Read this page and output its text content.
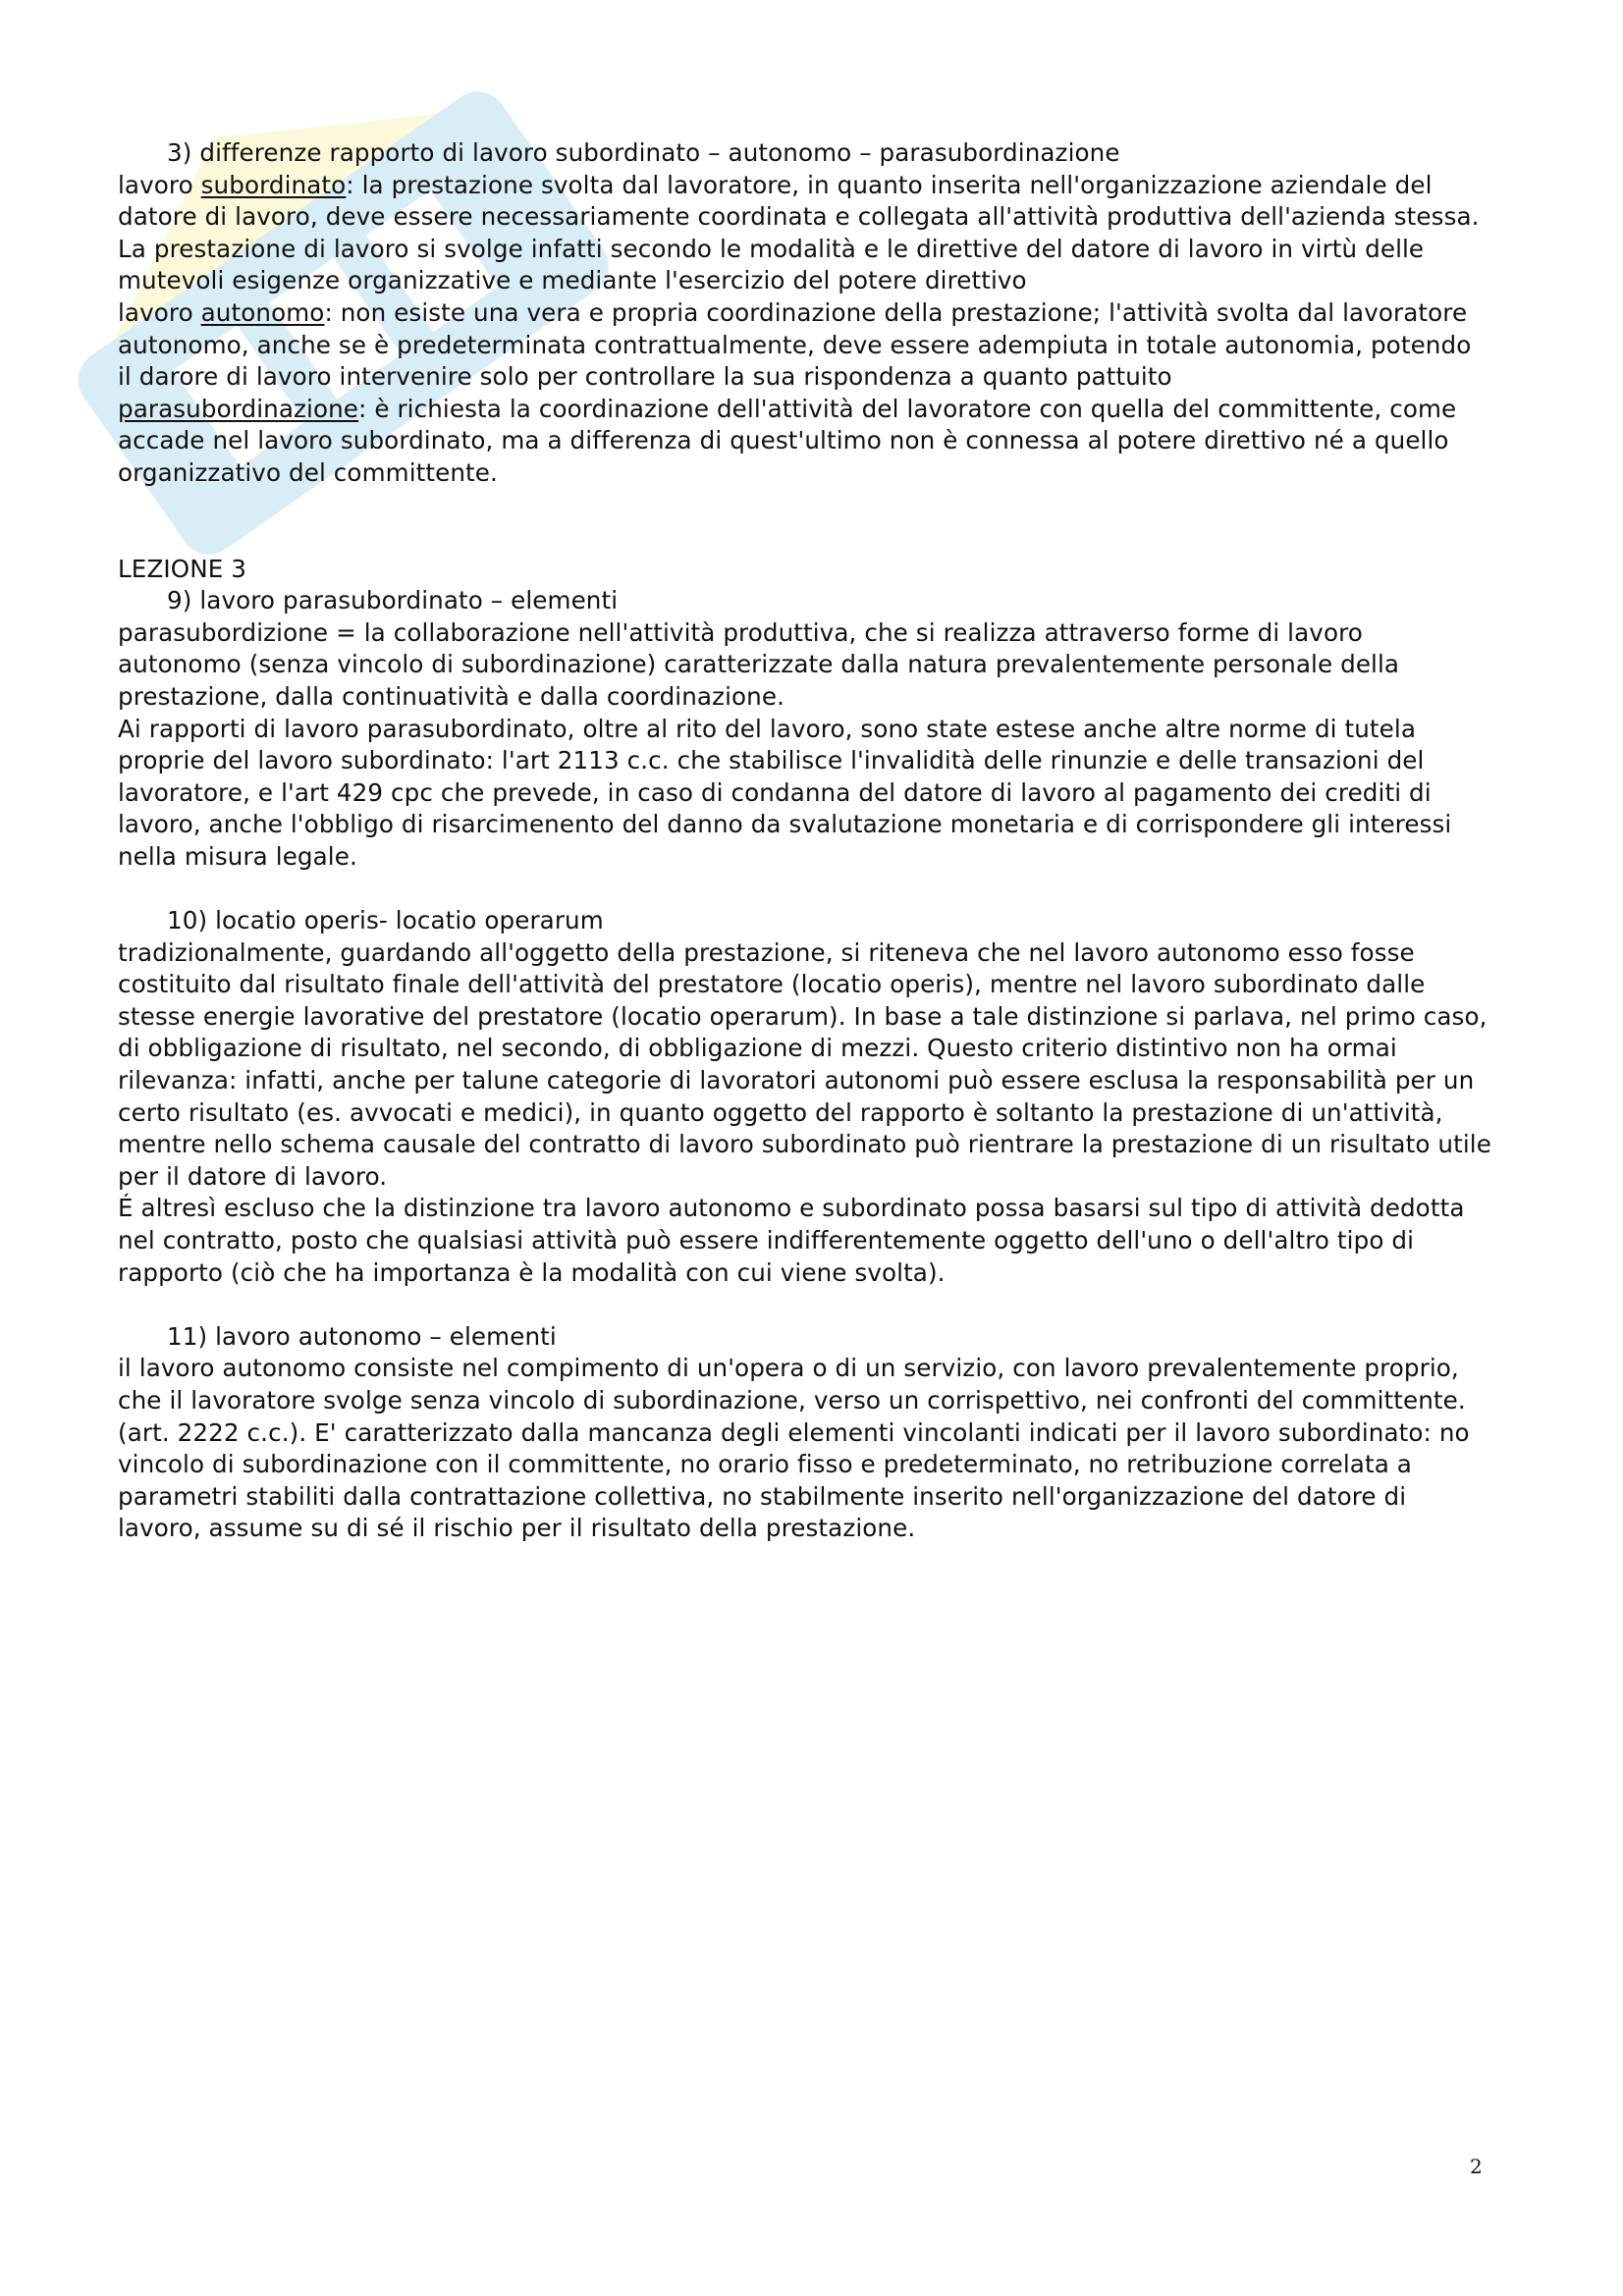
3) differenze rapporto di lavoro subordinato – autonomo – parasubordinazione

lavoro subordinato: la prestazione svolta dal lavoratore, in quanto inserita nell'organizzazione aziendale del datore di lavoro, deve essere necessariamente coordinata e collegata all'attività produttiva dell'azienda stessa. La prestazione di lavoro si svolge infatti secondo le modalità e le direttive del datore di lavoro in virtù delle mutevoli esigenze organizzative e mediante l'esercizio del potere direttivo

lavoro autonomo: non esiste una vera e propria coordinazione della prestazione; l'attività svolta dal lavoratore autonomo, anche se è predeterminata contrattualmente, deve essere adempiuta in totale autonomia, potendo il darore di lavoro intervenire solo per controllare la sua rispondenza a quanto pattuito

parasubordinazione: è richiesta la coordinazione dell'attività del lavoratore con quella del committente, come accade nel lavoro subordinato, ma a differenza di quest'ultimo non è connessa al potere direttivo né a quello organizzativo del committente.

LEZIONE 3
9) lavoro parasubordinato – elementi

parasubordizione = la collaborazione nell'attività produttiva, che si realizza attraverso forme di lavoro autonomo (senza vincolo di subordinazione) caratterizzate dalla natura prevalentemente personale della prestazione, dalla continuatività e dalla coordinazione.

Ai rapporti di lavoro parasubordinato, oltre al rito del lavoro, sono state estese anche altre norme di tutela proprie del lavoro subordinato: l'art 2113 c.c. che stabilisce l'invalidità delle rinunzie e delle transazioni del lavoratore, e l'art 429 cpc che prevede, in caso di condanna del datore di lavoro al pagamento dei crediti di lavoro, anche l'obbligo di risarcimenento del danno da svalutazione monetaria e di corrispondere gli interessi nella misura legale.

10) locatio operis- locatio operarum

tradizionalmente, guardando all'oggetto della prestazione, si riteneva che nel lavoro autonomo esso fosse costituito dal risultato finale dell'attività del prestatore (locatio operis), mentre nel lavoro subordinato dalle stesse energie lavorative del prestatore (locatio operarum). In base a tale distinzione si parlava, nel primo caso, di obbligazione di risultato, nel secondo, di obbligazione di mezzi. Questo criterio distintivo non ha ormai rilevanza: infatti, anche per talune categorie di lavoratori autonomi può essere esclusa la responsabilità per un certo risultato (es. avvocati e medici), in quanto oggetto del rapporto è soltanto la prestazione di un'attività, mentre nello schema causale del contratto di lavoro subordinato può rientrare la prestazione di un risultato utile per il datore di lavoro.

É altresì escluso che la distinzione tra lavoro autonomo e subordinato possa basarsi sul tipo di attività dedotta nel contratto, posto che qualsiasi attività può essere indifferentemente oggetto dell'uno o dell'altro tipo di rapporto (ciò che ha importanza è la modalità con cui viene svolta).

11) lavoro autonomo – elementi

il lavoro autonomo consiste nel compimento di un'opera o di un servizio, con lavoro prevalentemente proprio, che il lavoratore svolge senza vincolo di subordinazione, verso un corrispettivo, nei confronti del committente. (art. 2222 c.c.). E' caratterizzato dalla mancanza degli elementi vincolanti indicati per il lavoro subordinato: no vincolo di subordinazione con il committente, no orario fisso e predeterminato, no retribuzione correlata a parametri stabiliti dalla contrattazione collettiva, no stabilmente inserito nell'organizzazione del datore di lavoro, assume su di sé il rischio per il risultato della prestazione.

2
